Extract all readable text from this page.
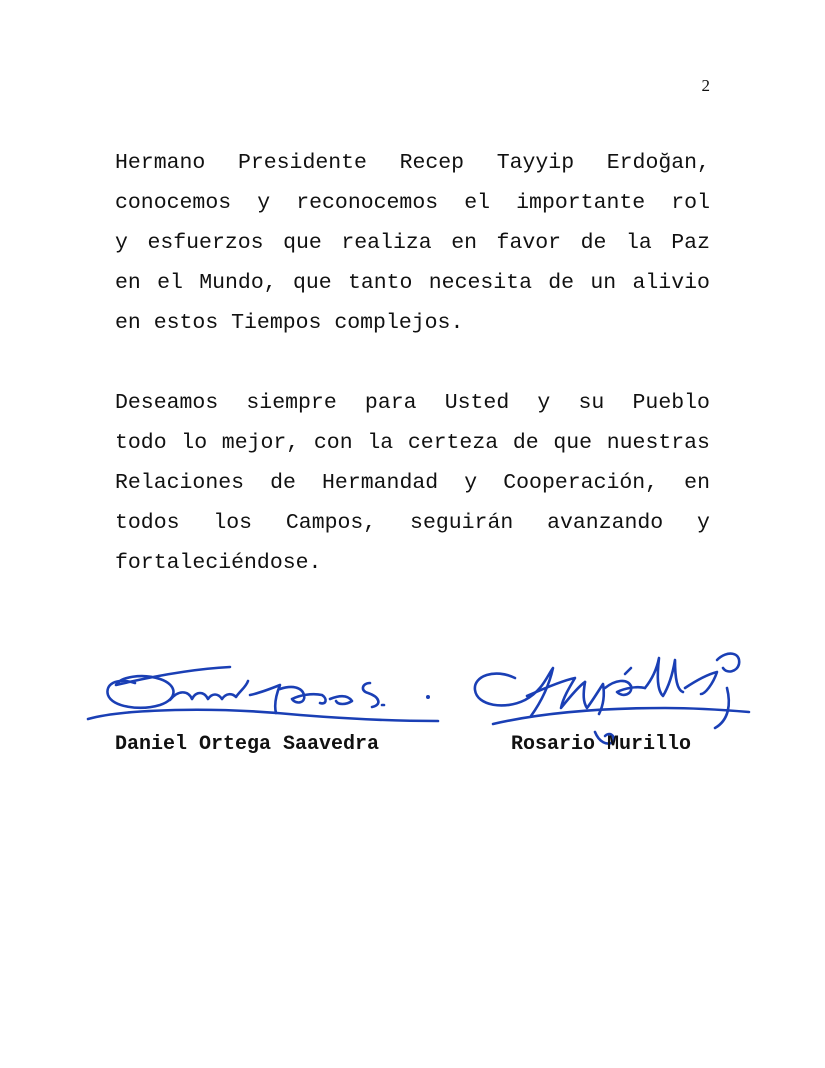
2
Hermano Presidente Recep Tayyip Erdoğan,
conocemos y reconocemos el importante rol
y esfuerzos que realiza en favor de la Paz
en el Mundo, que tanto necesita de un alivio
en estos Tiempos complejos.
Deseamos siempre para Usted y su Pueblo
todo lo mejor, con la certeza de que nuestras
Relaciones de Hermandad y Cooperación, en
todos los Campos, seguirán avanzando y
fortaleciéndose.
Daniel Ortega Saavedra	Rosario Murillo
